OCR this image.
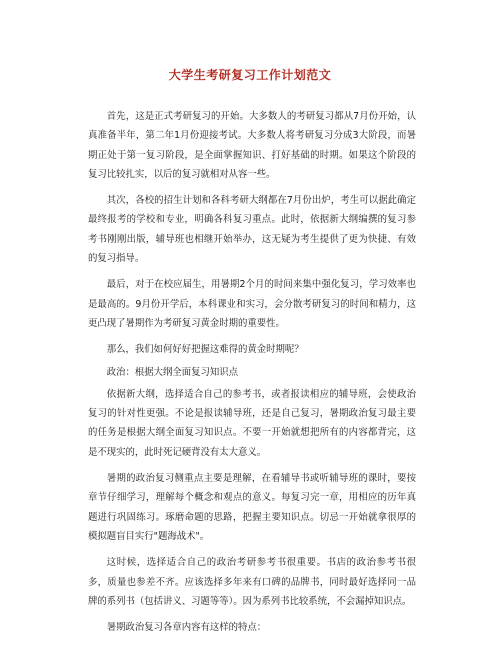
大学生考研复习工作计划范文

首先，这是正式考研复习的开始。大多数人的考研复习都从7月份开始，认真准备半年，第二年1月份迎接考试。大多数人将考研复习分成3大阶段，而暑期正处于第一复习阶段，是全面掌握知识、打好基础的时期。如果这个阶段的复习比较扎实，以后的复习就相对从容一些。

其次，各校的招生计划和各科考研大纲都在7月份出炉，考生可以据此确定最终报考的学校和专业，明确各科复习重点。此时，依据新大纲编撰的复习参考书刚刚出版，辅导班也相继开始举办，这无疑为考生提供了更为快捷、有效的复习指导。

最后，对于在校应届生，用暑期2个月的时间来集中强化复习，学习效率也是最高的。9月份开学后，本科课业和实习，会分散考研复习的时间和精力，这更凸现了暑期作为考研复习黄金时期的重要性。

那么，我们如何好好把握这难得的黄金时期呢？

政治：根据大纲全面复习知识点

依据新大纲，选择适合自己的参考书，或者报读相应的辅导班，会使政治复习的针对性更强。不论是报读辅导班，还是自己复习，暑期政治复习最主要的任务是根据大纲全面复习知识点。不要一开始就想把所有的内容都背完，这是不现实的，此时死记硬背没有太大意义。

暑期的政治复习侧重点主要是理解，在看辅导书或听辅导班的课时，要按章节仔细学习，理解每个概念和观点的意义。每复习完一章，用相应的历年真题进行巩固练习。琢磨命题的思路，把握主要知识点。切忌一开始就拿很厚的模拟题盲目实行"题海战术"。

这时候，选择适合自己的政治考研参考书很重要。书店的政治参考书很多，质量也参差不齐。应该选择多年来有口碑的品牌书，同时最好选择同一品牌的系列书（包括讲义、习题等等）。因为系列书比较系统，不会漏掉知识点。

暑期政治复习各章内容有这样的特点：
